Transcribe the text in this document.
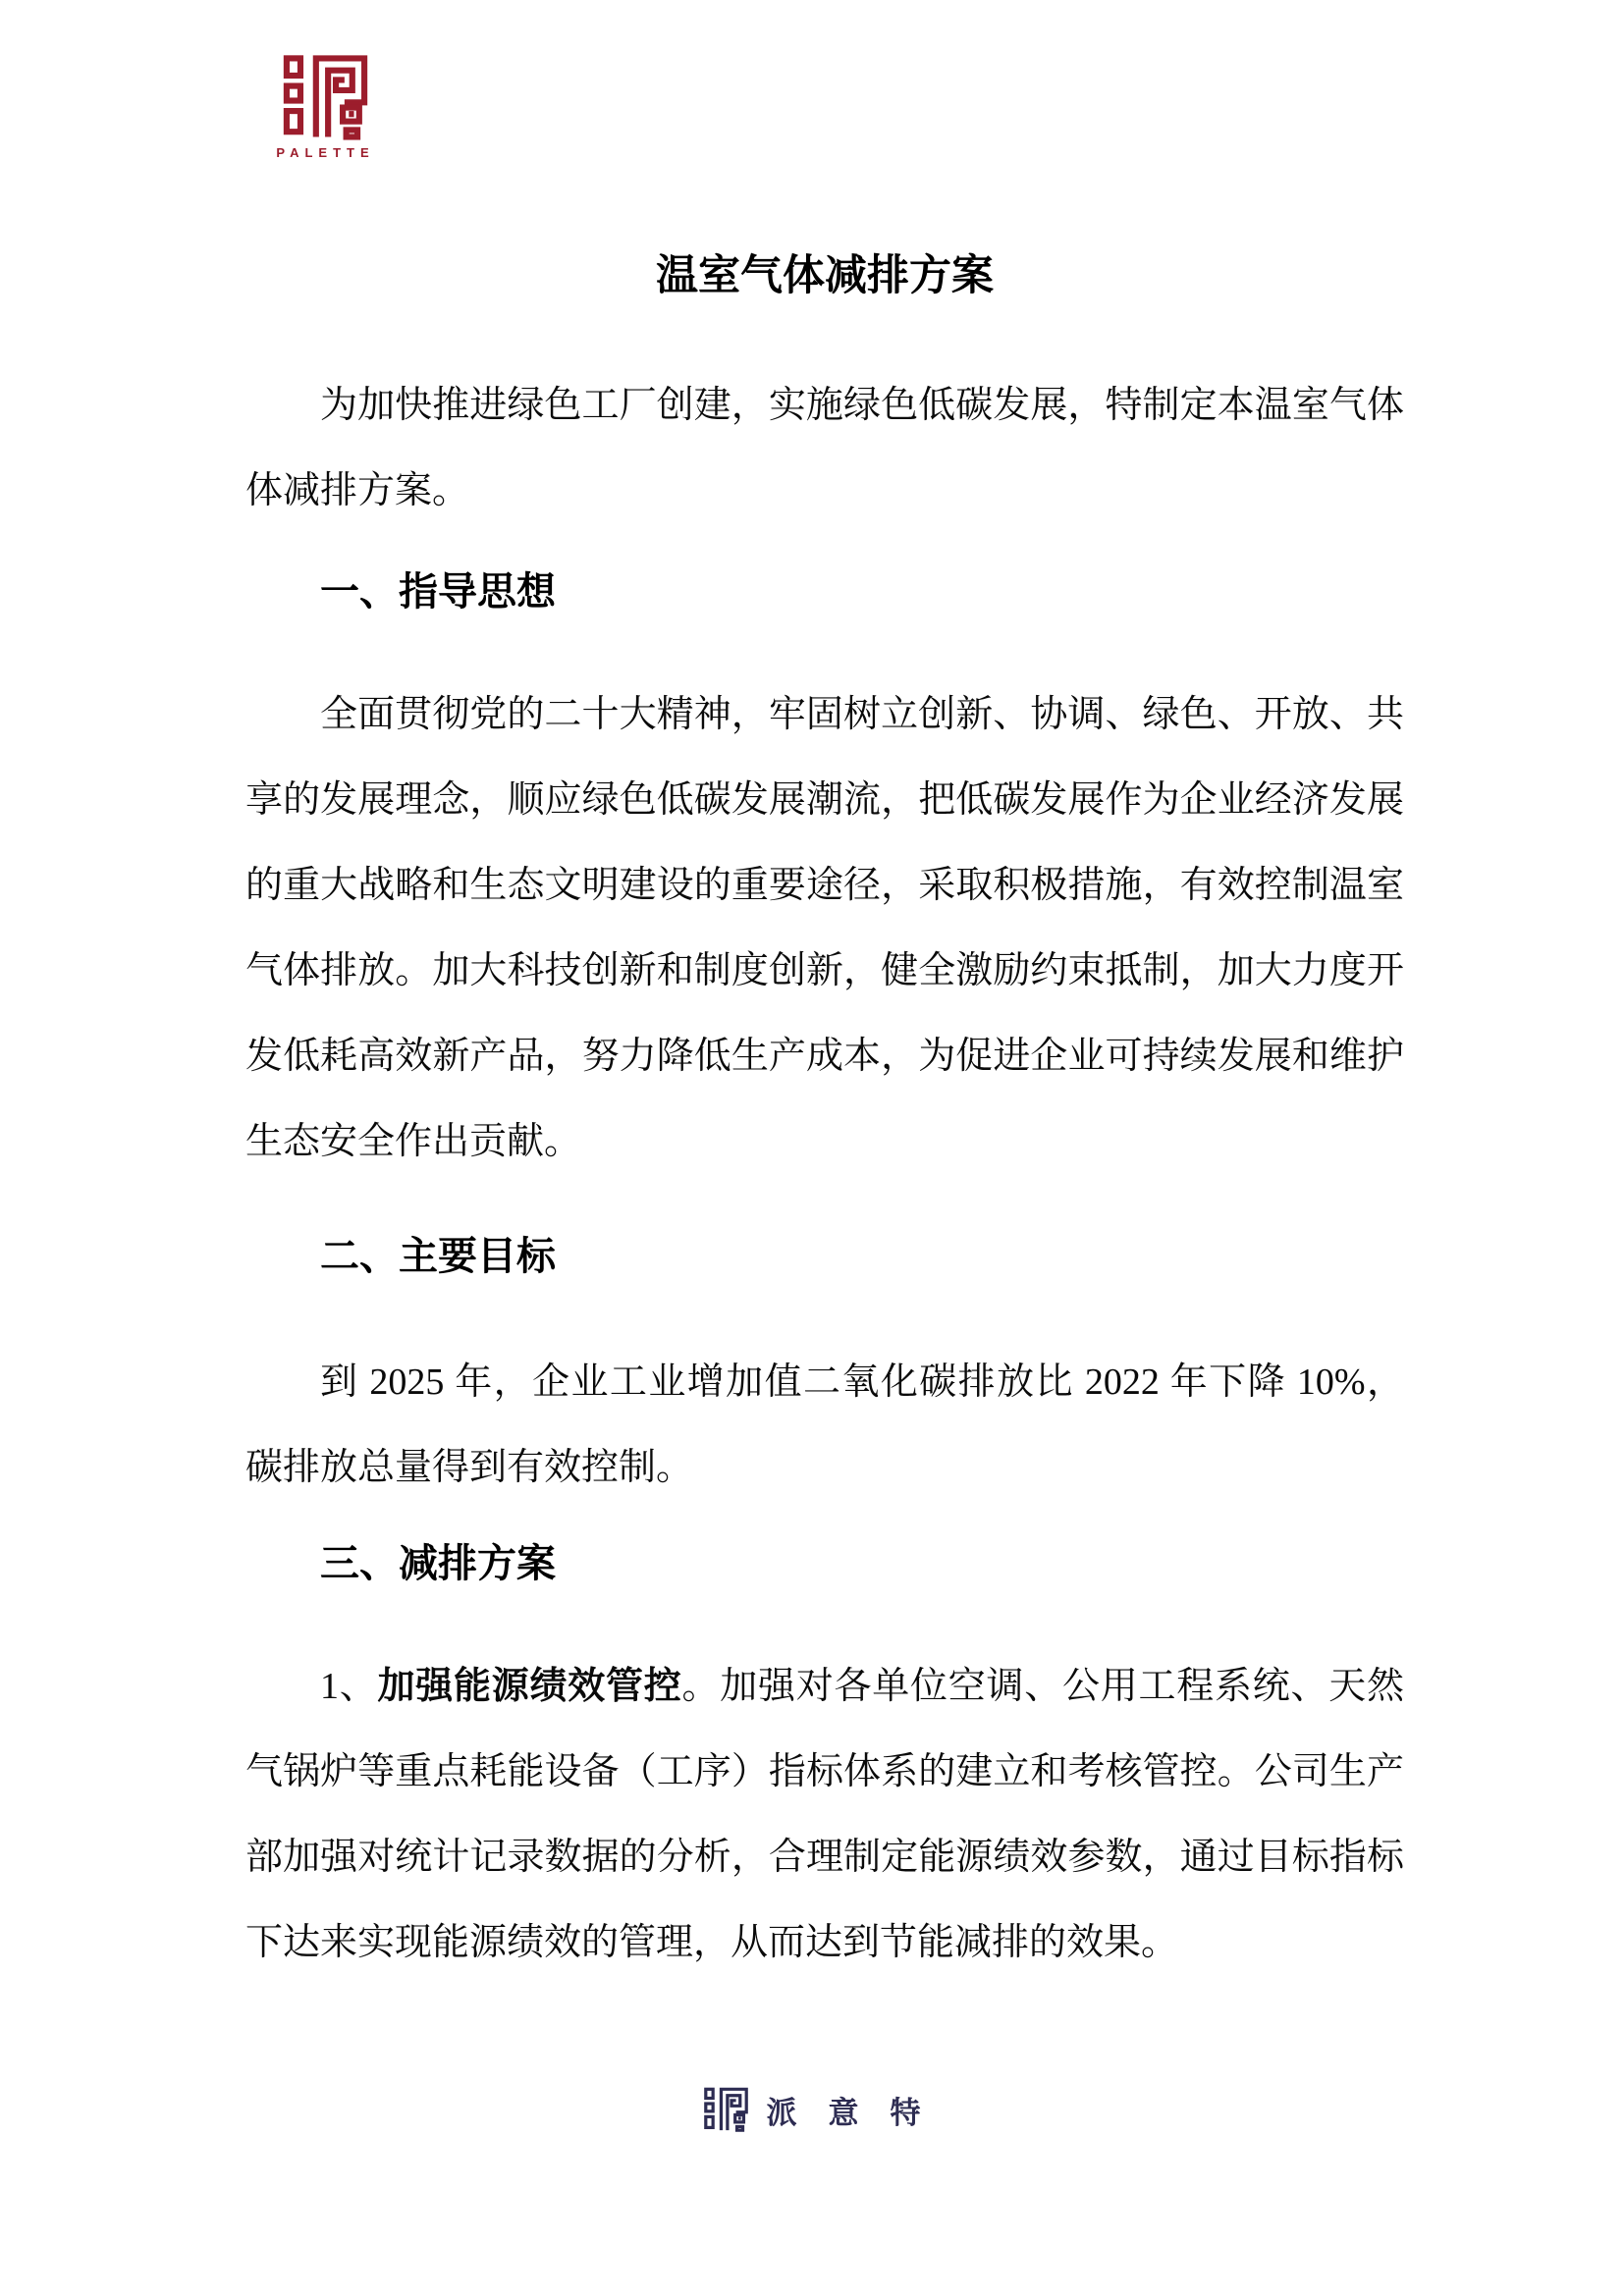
PALETTE
温室气体减排方案

为加快推进绿色工厂创建，实施绿色低碳发展，特制定本温室气体体减排方案。

一、指导思想

全面贯彻党的二十大精神，牢固树立创新、协调、绿色、开放、共享的发展理念，顺应绿色低碳发展潮流，把低碳发展作为企业经济发展的重大战略和生态文明建设的重要途径，采取积极措施，有效控制温室气体排放。加大科技创新和制度创新，健全激励约束抵制，加大力度开发低耗高效新产品，努力降低生产成本，为促进企业可持续发展和维护生态安全作出贡献。

二、主要目标

到 2025 年，企业工业增加值二氧化碳排放比 2022 年下降 10%，碳排放总量得到有效控制。

三、减排方案

1、加强能源绩效管控。加强对各单位空调、公用工程系统、天然气锅炉等重点耗能设备（工序）指标体系的建立和考核管控。公司生产部加强对统计记录数据的分析，合理制定能源绩效参数，通过目标指标下达来实现能源绩效的管理，从而达到节能减排的效果。

派意特
